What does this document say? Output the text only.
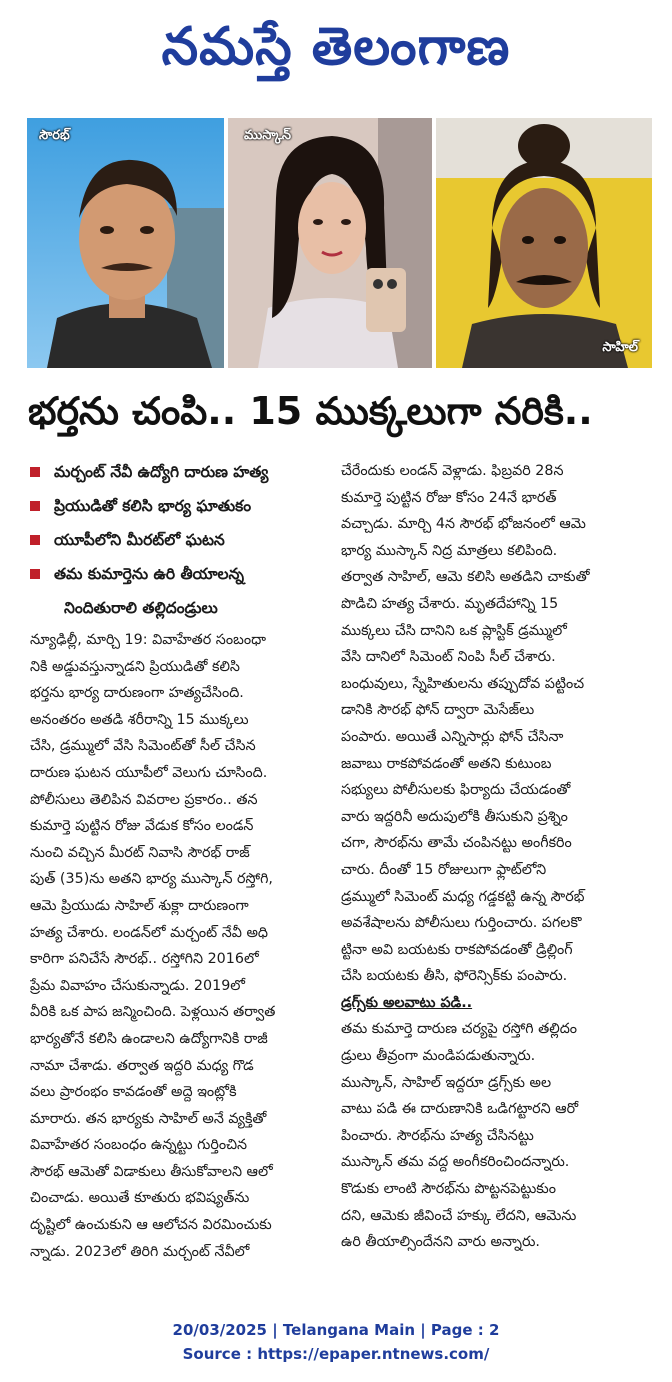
నమస్తే తెలంగాణ
సౌరభ్	ముస్కాన్
సాహిల్
భర్తను చంపి.. 15 ముక్కలుగా నరికి..
మర్చంట్ నేవీ ఉద్యోగి దారుణ హత్య
ప్రియుడితో కలిసి భార్య ఘాతుకం
యూపీలోని మీరట్‌లో ఘటన
తమ కుమార్తెను ఉరి తీయాలన్న
నిందితురాలి తల్లిదండ్రులు
న్యూఢిల్లీ, మార్చి 19: వివాహేతర సంబంధా
నికి అడ్డువస్తున్నాడని ప్రియుడితో కలిసి
భర్తను భార్య దారుణంగా హత్యచేసింది.
అనంతరం అతడి శరీరాన్ని 15 ముక్కలు
చేసి, డ్రమ్ములో వేసి సిమెంట్‌తో సీల్ చేసిన
దారుణ ఘటన యూపీలో వెలుగు చూసింది.
పోలీసులు తెలిపిన వివరాల ప్రకారం.. తన
కుమార్తె పుట్టిన రోజు వేడుక కోసం లండన్
నుంచి వచ్చిన మీరట్ నివాసి సౌరభ్ రాజ్
పుత్ (35)ను అతని భార్య ముస్కాన్ రస్తోగి,
ఆమె ప్రియుడు సాహిల్ శుక్లా దారుణంగా
హత్య చేశారు. లండన్‌లో మర్చంట్ నేవీ అధి
కారిగా పనిచేసే సౌరభ్.. రస్తోగిని 2016లో
ప్రేమ వివాహం చేసుకున్నాడు. 2019లో
వీరికి ఒక పాప జన్మించింది. పెళ్లయిన తర్వాత
భార్యతోనే కలిసి ఉండాలని ఉద్యోగానికి రాజీ
నామా చేశాడు. తర్వాత ఇద్దరి మధ్య గొడ
వలు ప్రారంభం కావడంతో అద్దె ఇంట్లోకి
మారారు. తన భార్యకు సాహిల్ అనే వ్యక్తితో
వివాహేతర సంబంధం ఉన్నట్టు గుర్తించిన
సౌరభ్ ఆమెతో విడాకులు తీసుకోవాలని ఆలో
చించాడు. అయితే కూతురు భవిష్యత్‌ను
దృష్టిలో ఉంచుకుని ఆ ఆలోచన విరమించుకు
న్నాడు. 2023లో తిరిగి మర్చంట్ నేవీలో
చేరేందుకు లండన్ వెళ్లాడు. ఫిబ్రవరి 28న
కుమార్తె పుట్టిన రోజు కోసం 24నే భారత్
వచ్చాడు. మార్చి 4న సౌరభ్ భోజనంలో ఆమె
భార్య ముస్కాన్ నిద్ర మాత్రలు కలిపింది.
తర్వాత సాహిల్, ఆమె కలిసి అతడిని చాకుతో
పొడిచి హత్య చేశారు. మృతదేహాన్ని 15
ముక్కలు చేసి దానిని ఒక ప్లాస్టిక్ డ్రమ్ములో
వేసి దానిలో సిమెంట్ నింపి సీల్ చేశారు.
బంధువులు, స్నేహితులను తప్పుదోవ పట్టించ
డానికి సౌరభ్ ఫోన్ ద్వారా మెసేజ్‌లు
పంపారు. అయితే ఎన్నిసార్లు ఫోన్ చేసినా
జవాబు రాకపోవడంతో అతని కుటుంబ
సభ్యులు పోలీసులకు ఫిర్యాదు చేయడంతో
వారు ఇద్దరినీ అదుపులోకి తీసుకుని ప్రశ్నిం
చగా, సౌరభ్‌ను తామే చంపినట్టు అంగీకరిం
చారు. దీంతో 15 రోజులుగా ఫ్లాట్‌లోని
డ్రమ్ములో సిమెంట్ మధ్య గడ్డకట్టి ఉన్న సౌరభ్
అవశేషాలను పోలీసులు గుర్తించారు. పగలకొ
ట్టినా అవి బయటకు రాకపోవడంతో డ్రిల్లింగ్
చేసి బయటకు తీసి, ఫోరెన్సిక్‌కు పంపారు.
డ్రగ్స్‌కు అలవాటు పడి..
తమ కుమార్తె దారుణ చర్యపై రస్తోగి తల్లిదం
డ్రులు తీవ్రంగా మండిపడుతున్నారు.
ముస్కాన్, సాహిల్ ఇద్దరూ డ్రగ్స్‌కు అల
వాటు పడి ఈ దారుణానికి ఒడిగట్టారని ఆరో
పించారు. సౌరభ్‌ను హత్య చేసినట్టు
ముస్కాన్ తమ వద్ద అంగీకరించిందన్నారు.
కొడుకు లాంటి సౌరభ్‌ను పొట్టనపెట్టుకుం
దని, ఆమెకు జీవించే హక్కు లేదని, ఆమెను
ఉరి తీయాల్సిందేనని వారు అన్నారు.
20/03/2025 | Telangana Main | Page : 2
Source : https://epaper.ntnews.com/
